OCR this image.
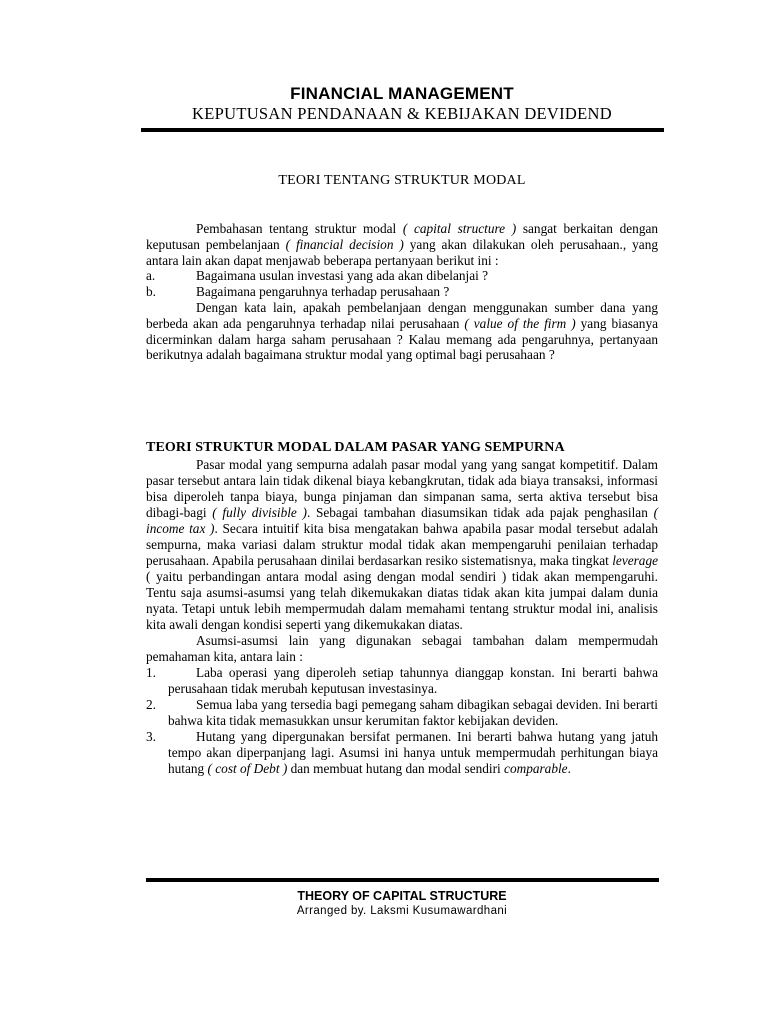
FINANCIAL MANAGEMENT
KEPUTUSAN PENDANAAN & KEBIJAKAN DEVIDEND
TEORI TENTANG STRUKTUR MODAL

Pembahasan tentang struktur modal ( capital structure ) sangat berkaitan dengan keputusan pembelanjaan ( financial decision ) yang akan dilakukan oleh perusahaan., yang antara lain akan dapat menjawab beberapa pertanyaan berikut ini :

a.	Bagaimana usulan investasi yang ada akan dibelanjai ?
b.	Bagaimana pengaruhnya terhadap perusahaan ?

Dengan kata lain, apakah pembelanjaan dengan menggunakan sumber dana yang berbeda akan ada pengaruhnya terhadap nilai perusahaan ( value of the firm ) yang biasanya dicerminkan dalam harga saham perusahaan ? Kalau memang ada pengaruhnya, pertanyaan berikutnya adalah bagaimana struktur modal yang optimal bagi perusahaan ?

TEORI STRUKTUR MODAL DALAM PASAR YANG SEMPURNA

Pasar modal yang sempurna adalah pasar modal yang yang sangat kompetitif. Dalam pasar tersebut antara lain tidak dikenal biaya kebangkrutan, tidak ada biaya transaksi, informasi bisa diperoleh tanpa biaya, bunga pinjaman dan simpanan sama, serta aktiva tersebut bisa dibagi-bagi ( fully divisible ). Sebagai tambahan diasumsikan tidak ada pajak penghasilan ( income tax ). Secara intuitif kita bisa mengatakan bahwa apabila pasar modal tersebut adalah sempurna, maka variasi dalam struktur modal tidak akan mempengaruhi penilaian terhadap perusahaan. Apabila perusahaan dinilai berdasarkan resiko sistematisnya, maka tingkat leverage ( yaitu perbandingan antara modal asing dengan modal sendiri ) tidak akan mempengaruhi. Tentu saja asumsi-asumsi yang telah dikemukakan diatas tidak akan kita jumpai dalam dunia nyata. Tetapi untuk lebih mempermudah dalam memahami tentang struktur modal ini, analisis kita awali dengan kondisi seperti yang dikemukakan diatas.

Asumsi-asumsi lain yang digunakan sebagai tambahan dalam mempermudah pemahaman kita, antara lain :

1.	Laba operasi yang diperoleh setiap tahunnya dianggap konstan. Ini berarti bahwa perusahaan tidak merubah keputusan investasinya.
2.	Semua laba yang tersedia bagi pemegang saham dibagikan sebagai deviden. Ini berarti bahwa kita tidak memasukkan unsur kerumitan faktor kebijakan deviden.
3.	Hutang yang dipergunakan bersifat permanen. Ini berarti bahwa hutang yang jatuh tempo akan diperpanjang lagi. Asumsi ini hanya untuk mempermudah perhitungan biaya hutang ( cost of Debt ) dan membuat hutang dan modal sendiri comparable.
THEORY OF CAPITAL STRUCTURE
Arranged by. Laksmi Kusumawardhani
